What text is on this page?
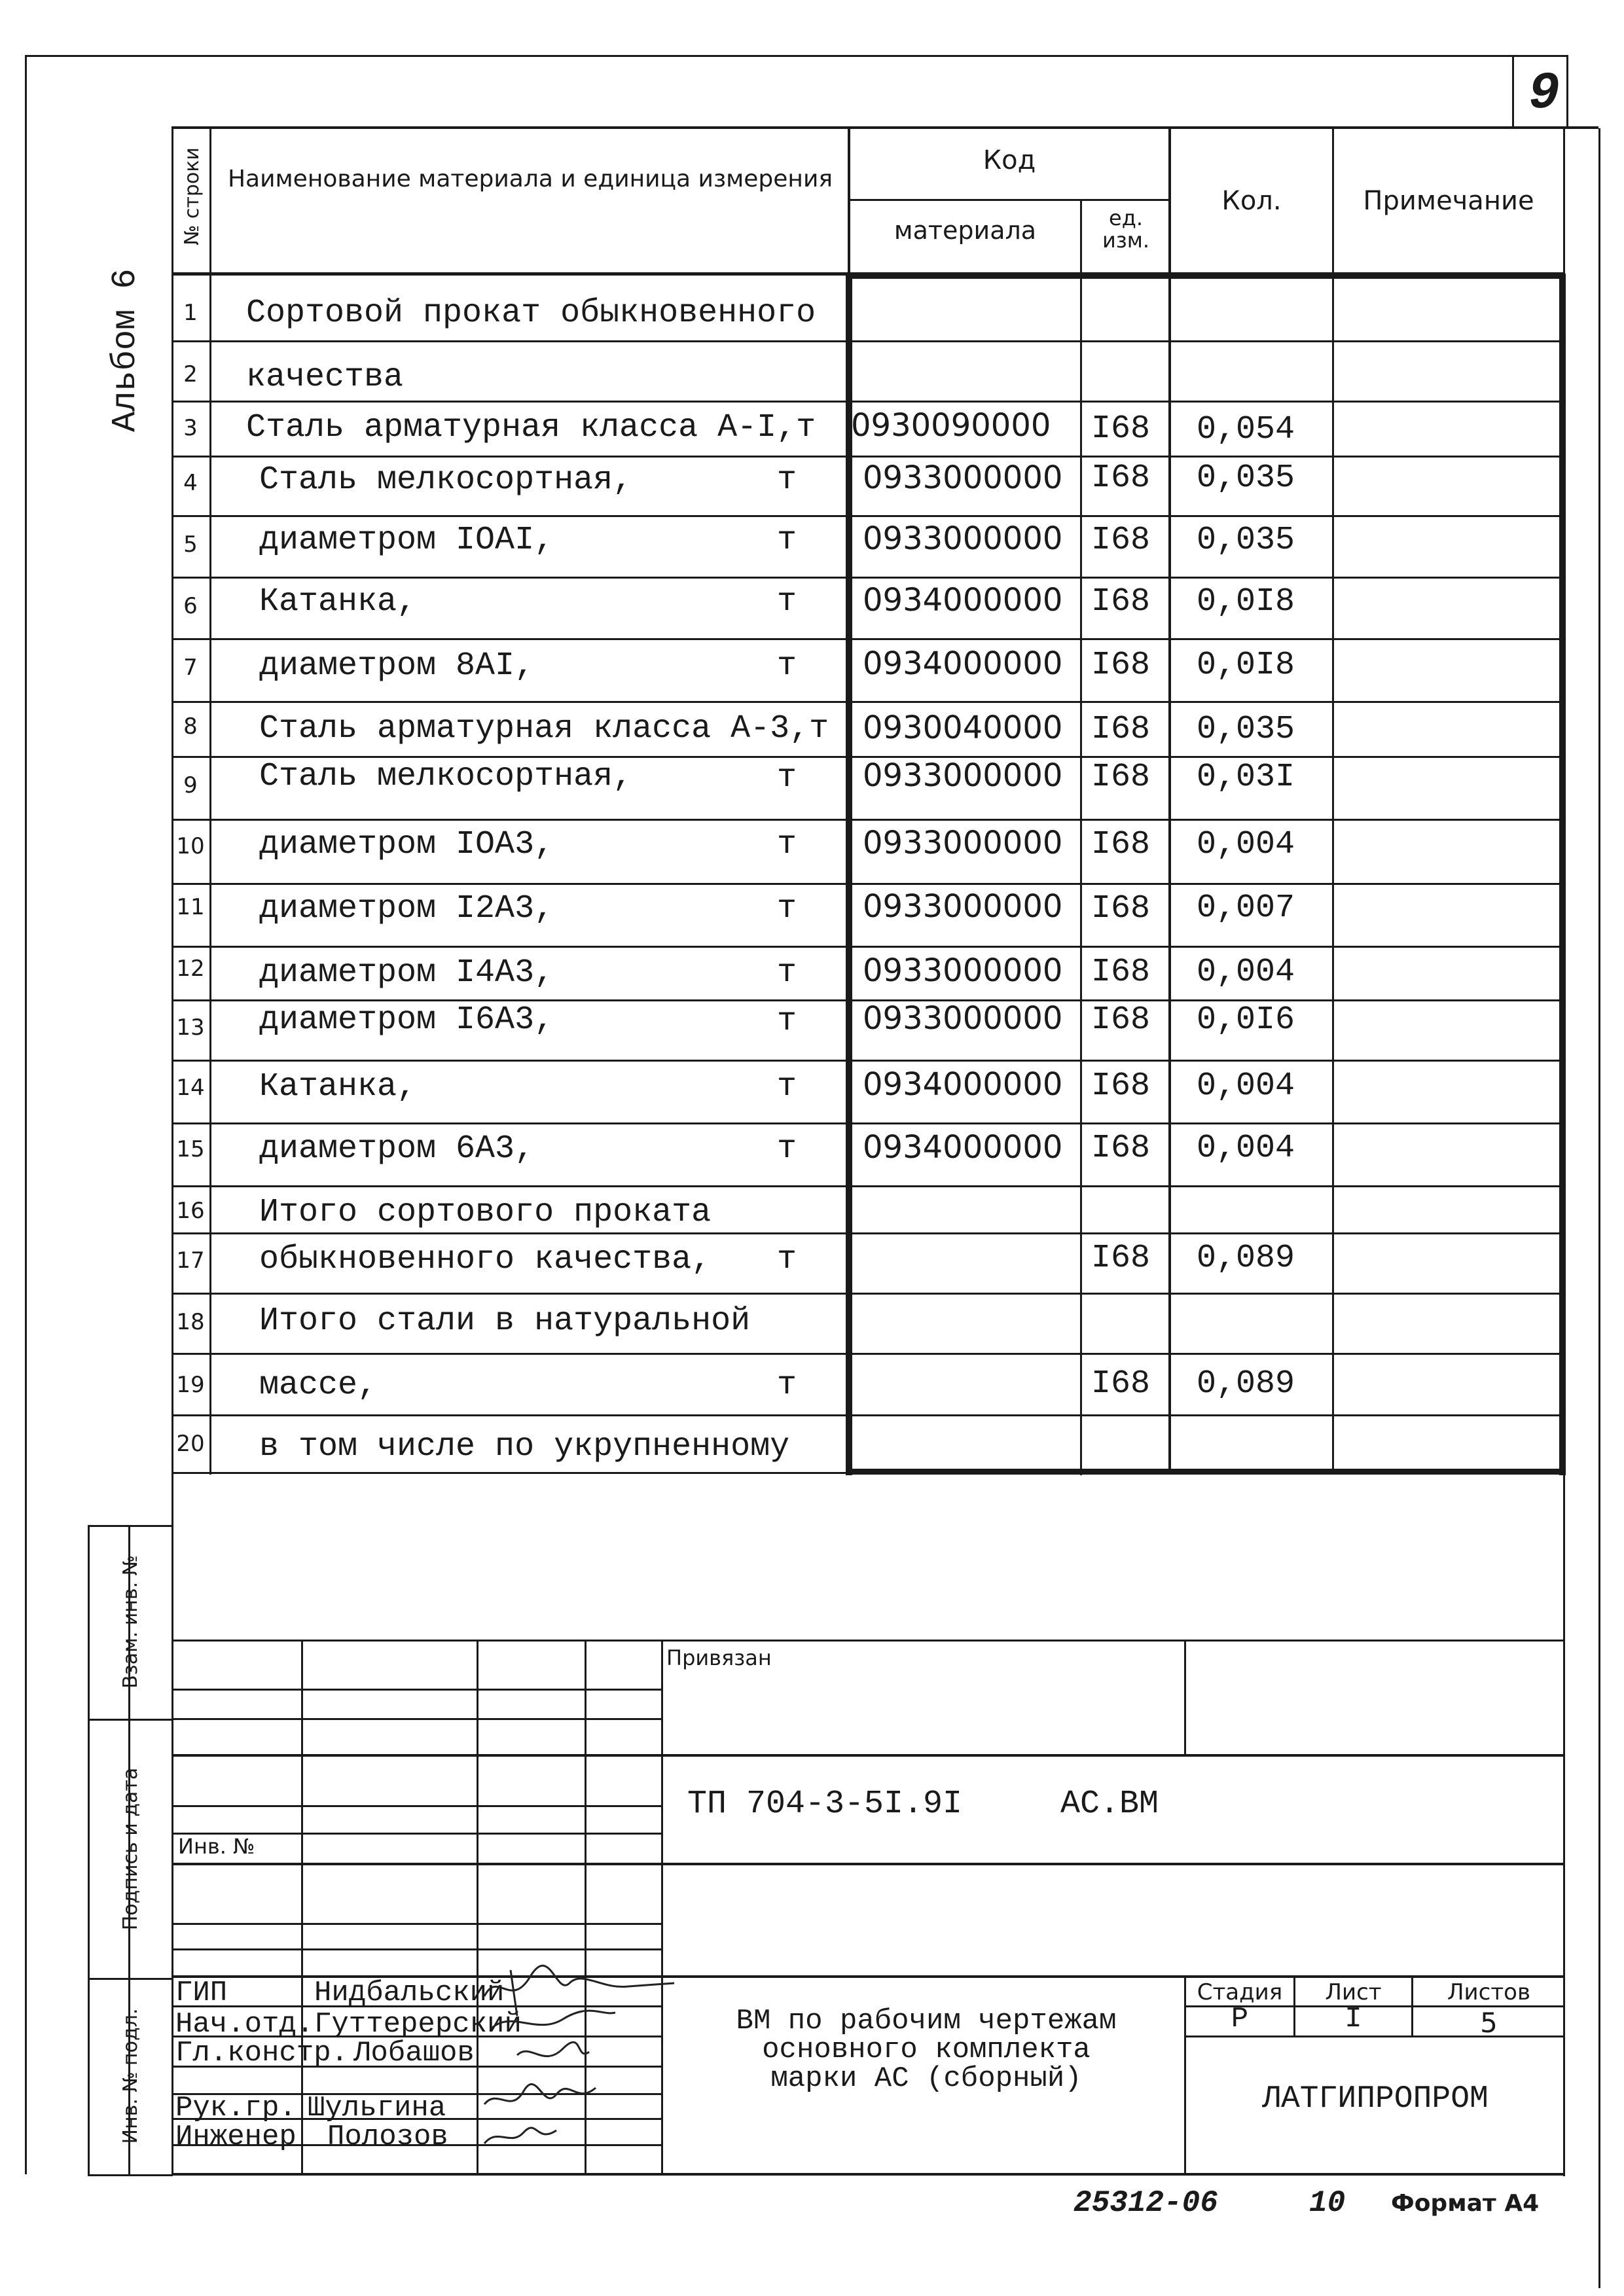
9
Альбом 6
№ строки	Наименование материала и единица измерения
Код
материала	ед. изм.
Кол.	Примечание
1 Сортовой прокат обыкновенного
2 качества
3 Сталь арматурная класса А-I,т 0930090000	I68	0,054
4 Сталь мелкосортная,	т 0933000000 I68	0,035
5 диаметром IOAI,	т 0933000000 I68	0,035
6 Катанка,	т 0934000000 I68	0,0I8
7 диаметром 8AI,	т 0934000000 I68	0,0I8
8 Сталь арматурная класса А-3,т 0930040000 I68	0,035
9 Сталь мелкосортная,	т 0933000000 I68	0,03I
10 диаметром IOA3,	т 0933000000 I68	0,004
11 диаметром I2A3,	т 0933000000 I68	0,007
12 диаметром I4A3,	т 0933000000 I68	0,004
13 диаметром I6A3,	т 0933000000 I68	0,0I6
14 Катанка,	т 0934000000 I68	0,004
15 диаметром 6A3,	т 0934000000 I68	0,004
16 Итого сортового проката
17 обыкновенного качества, т	I68	0,089
18 Итого стали в натуральной
19 массе,	т	I68	0,089
20 в том числе по укрупненному
Взам. инв. №
Подпись и дата
Инв. № подл.
Привязан
Инв. №
ТП 704-3-5I.9I     АС.ВМ
ГИП	Нидбальский
Нач.отд. Гуттерерский
Гл.констр. Лобашов
Рук.гр. Шульгина
Инженер Полозов
ВМ по рабочим чертежам
основного комплекта
марки АС (сборный)
Стадия	Лист	Листов
Р	I	5
ЛАТГИПРОПРОМ
25312-06	10 Формат А4
